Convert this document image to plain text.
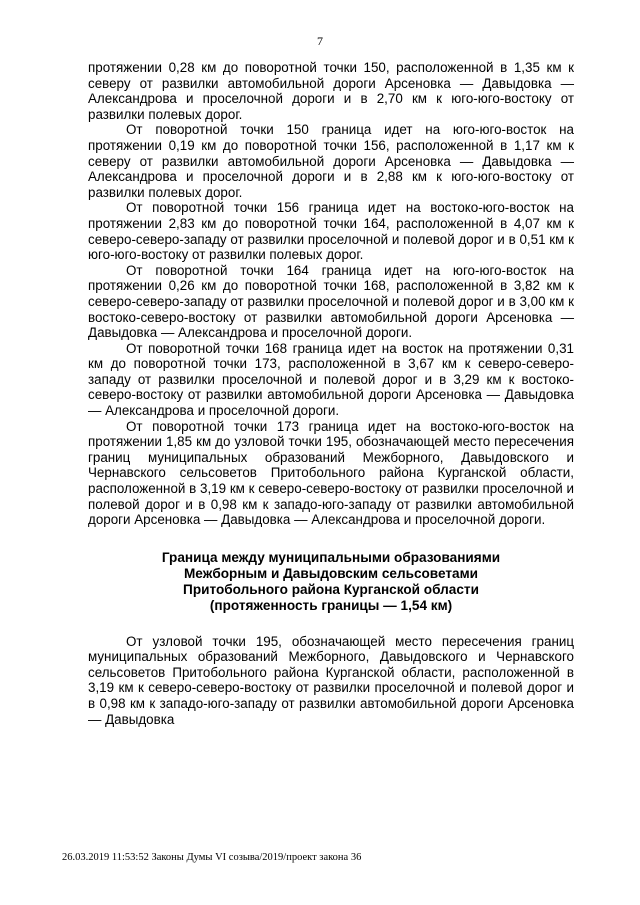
7

протяжении 0,28 км до поворотной точки 150, расположенной в 1,35 км к северу от развилки автомобильной дороги Арсеновка — Давыдовка — Александрова и проселочной дороги и в 2,70 км к юго-юго-востоку от развилки полевых дорог.

От поворотной точки 150 граница идет на юго-юго-восток на протяжении 0,19 км до поворотной точки 156, расположенной в 1,17 км к северу от развилки автомобильной дороги Арсеновка — Давыдовка — Александрова и проселочной дороги и в 2,88 км к юго-юго-востоку от развилки полевых дорог.

От поворотной точки 156 граница идет на востоко-юго-восток на протяжении 2,83 км до поворотной точки 164, расположенной в 4,07 км к северо-северо-западу от развилки проселочной и полевой дорог и в 0,51 км к юго-юго-востоку от развилки полевых дорог.

От поворотной точки 164 граница идет на юго-юго-восток на протяжении 0,26 км до поворотной точки 168, расположенной в 3,82 км к северо-северо-западу от развилки проселочной и полевой дорог и в 3,00 км к востоко-северо-востоку от развилки автомобильной дороги Арсеновка — Давыдовка — Александрова и проселочной дороги.

От поворотной точки 168 граница идет на восток на протяжении 0,31 км до поворотной точки 173, расположенной в 3,67 км к северо-северо-западу от развилки проселочной и полевой дорог и в 3,29 км к востоко-северо-востоку от развилки автомобильной дороги Арсеновка — Давыдовка — Александрова и проселочной дороги.

От поворотной точки 173 граница идет на востоко-юго-восток на протяжении 1,85 км до узловой точки 195, обозначающей место пересечения границ муниципальных образований Межборного, Давыдовского и Чернавского сельсоветов Притобольного района Курганской области, расположенной в 3,19 км к северо-северо-востоку от развилки проселочной и полевой дорог и в 0,98 км к западо-юго-западу от развилки автомобильной дороги Арсеновка — Давыдовка — Александрова и проселочной дороги.

Граница между муниципальными образованиями
Межборным и Давыдовским сельсоветами
Притобольного района Курганской области
(протяженность границы — 1,54 км)

От узловой точки 195, обозначающей место пересечения границ муниципальных образований Межборного, Давыдовского и Чернавского сельсоветов Притобольного района Курганской области, расположенной в 3,19 км к северо-северо-востоку от развилки проселочной и полевой дорог и в 0,98 км к западо-юго-западу от развилки автомобильной дороги Арсеновка — Давыдовка

26.03.2019 11:53:52 Законы Думы VI созыва/2019/проект закона 36
